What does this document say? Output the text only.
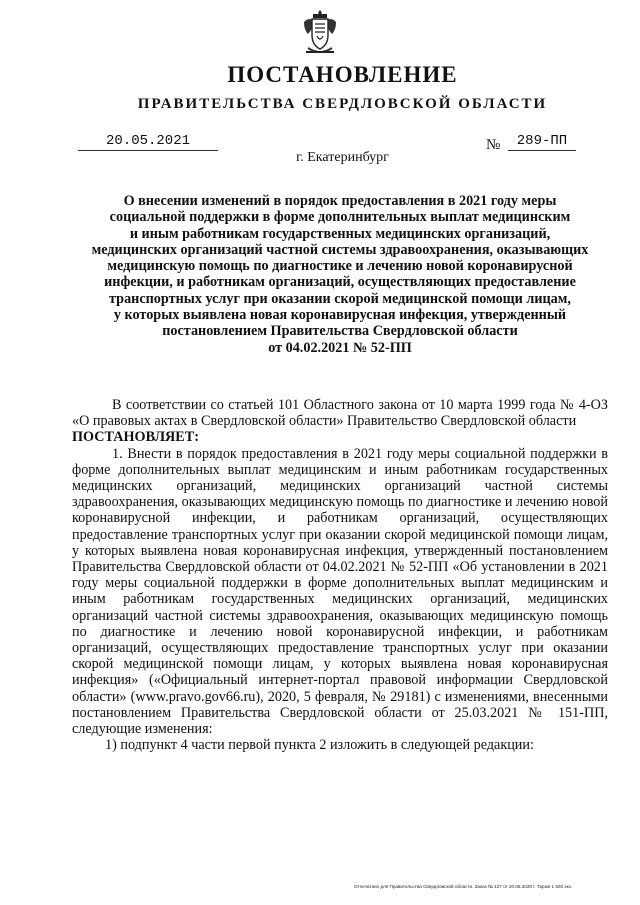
ПОСТАНОВЛЕНИЕ
ПРАВИТЕЛЬСТВА СВЕРДЛОВСКОЙ ОБЛАСТИ
20.05.2021	№	289-ПП
г. Екатеринбург
О внесении изменений в порядок предоставления в 2021 году меры
социальной поддержки в форме дополнительных выплат медицинским
и иным работникам государственных медицинских организаций,
медицинских организаций частной системы здравоохранения, оказывающих
медицинскую помощь по диагностике и лечению новой коронавирусной
инфекции, и работникам организаций, осуществляющих предоставление
транспортных услуг при оказании скорой медицинской помощи лицам,
у которых выявлена новая коронавирусная инфекция, утвержденный
постановлением Правительства Свердловской области
от 04.02.2021 № 52-ПП

В соответствии со статьей 101 Областного закона от 10 марта 1999 года № 4-ОЗ «О правовых актах в Свердловской области» Правительство Свердловской области

ПОСТАНОВЛЯЕТ:

1. Внести в порядок предоставления в 2021 году меры социальной поддержки в форме дополнительных выплат медицинским и иным работникам государственных медицинских организаций, медицинских организаций частной системы здравоохранения, оказывающих медицинскую помощь по диагностике и лечению новой коронавирусной инфекции, и работникам организаций, осуществляющих предоставление транспортных услуг при оказании скорой медицинской помощи лицам, у которых выявлена новая коронавирусная инфекция, утвержденный постановлением Правительства Свердловской области от 04.02.2021 № 52-ПП «Об установлении в 2021 году меры социальной поддержки в форме дополнительных выплат медицинским и иным работникам государственных медицинских организаций, медицинских организаций частной системы здравоохранения, оказывающих медицинскую помощь по диагностике и лечению новой коронавирусной инфекции, и работникам организаций, осуществляющих предоставление транспортных услуг при оказании скорой медицинской помощи лицам, у которых выявлена новая коронавирусная инфекция» («Официальный интернет-портал правовой информации Свердловской области» (www.pravo.gov66.ru), 2020, 5 февраля, № 29181) с изменениями, внесенными постановлением Правительства Свердловской области от 25.03.2021 № 151-ПП, следующие изменения:

1) подпункт 4 части первой пункта 2 изложить в следующей редакции:

Отпечатано для Правительства Свердловской области. Заказ № 127 от 20.05.2020 г. Тираж 1 500 экз.
